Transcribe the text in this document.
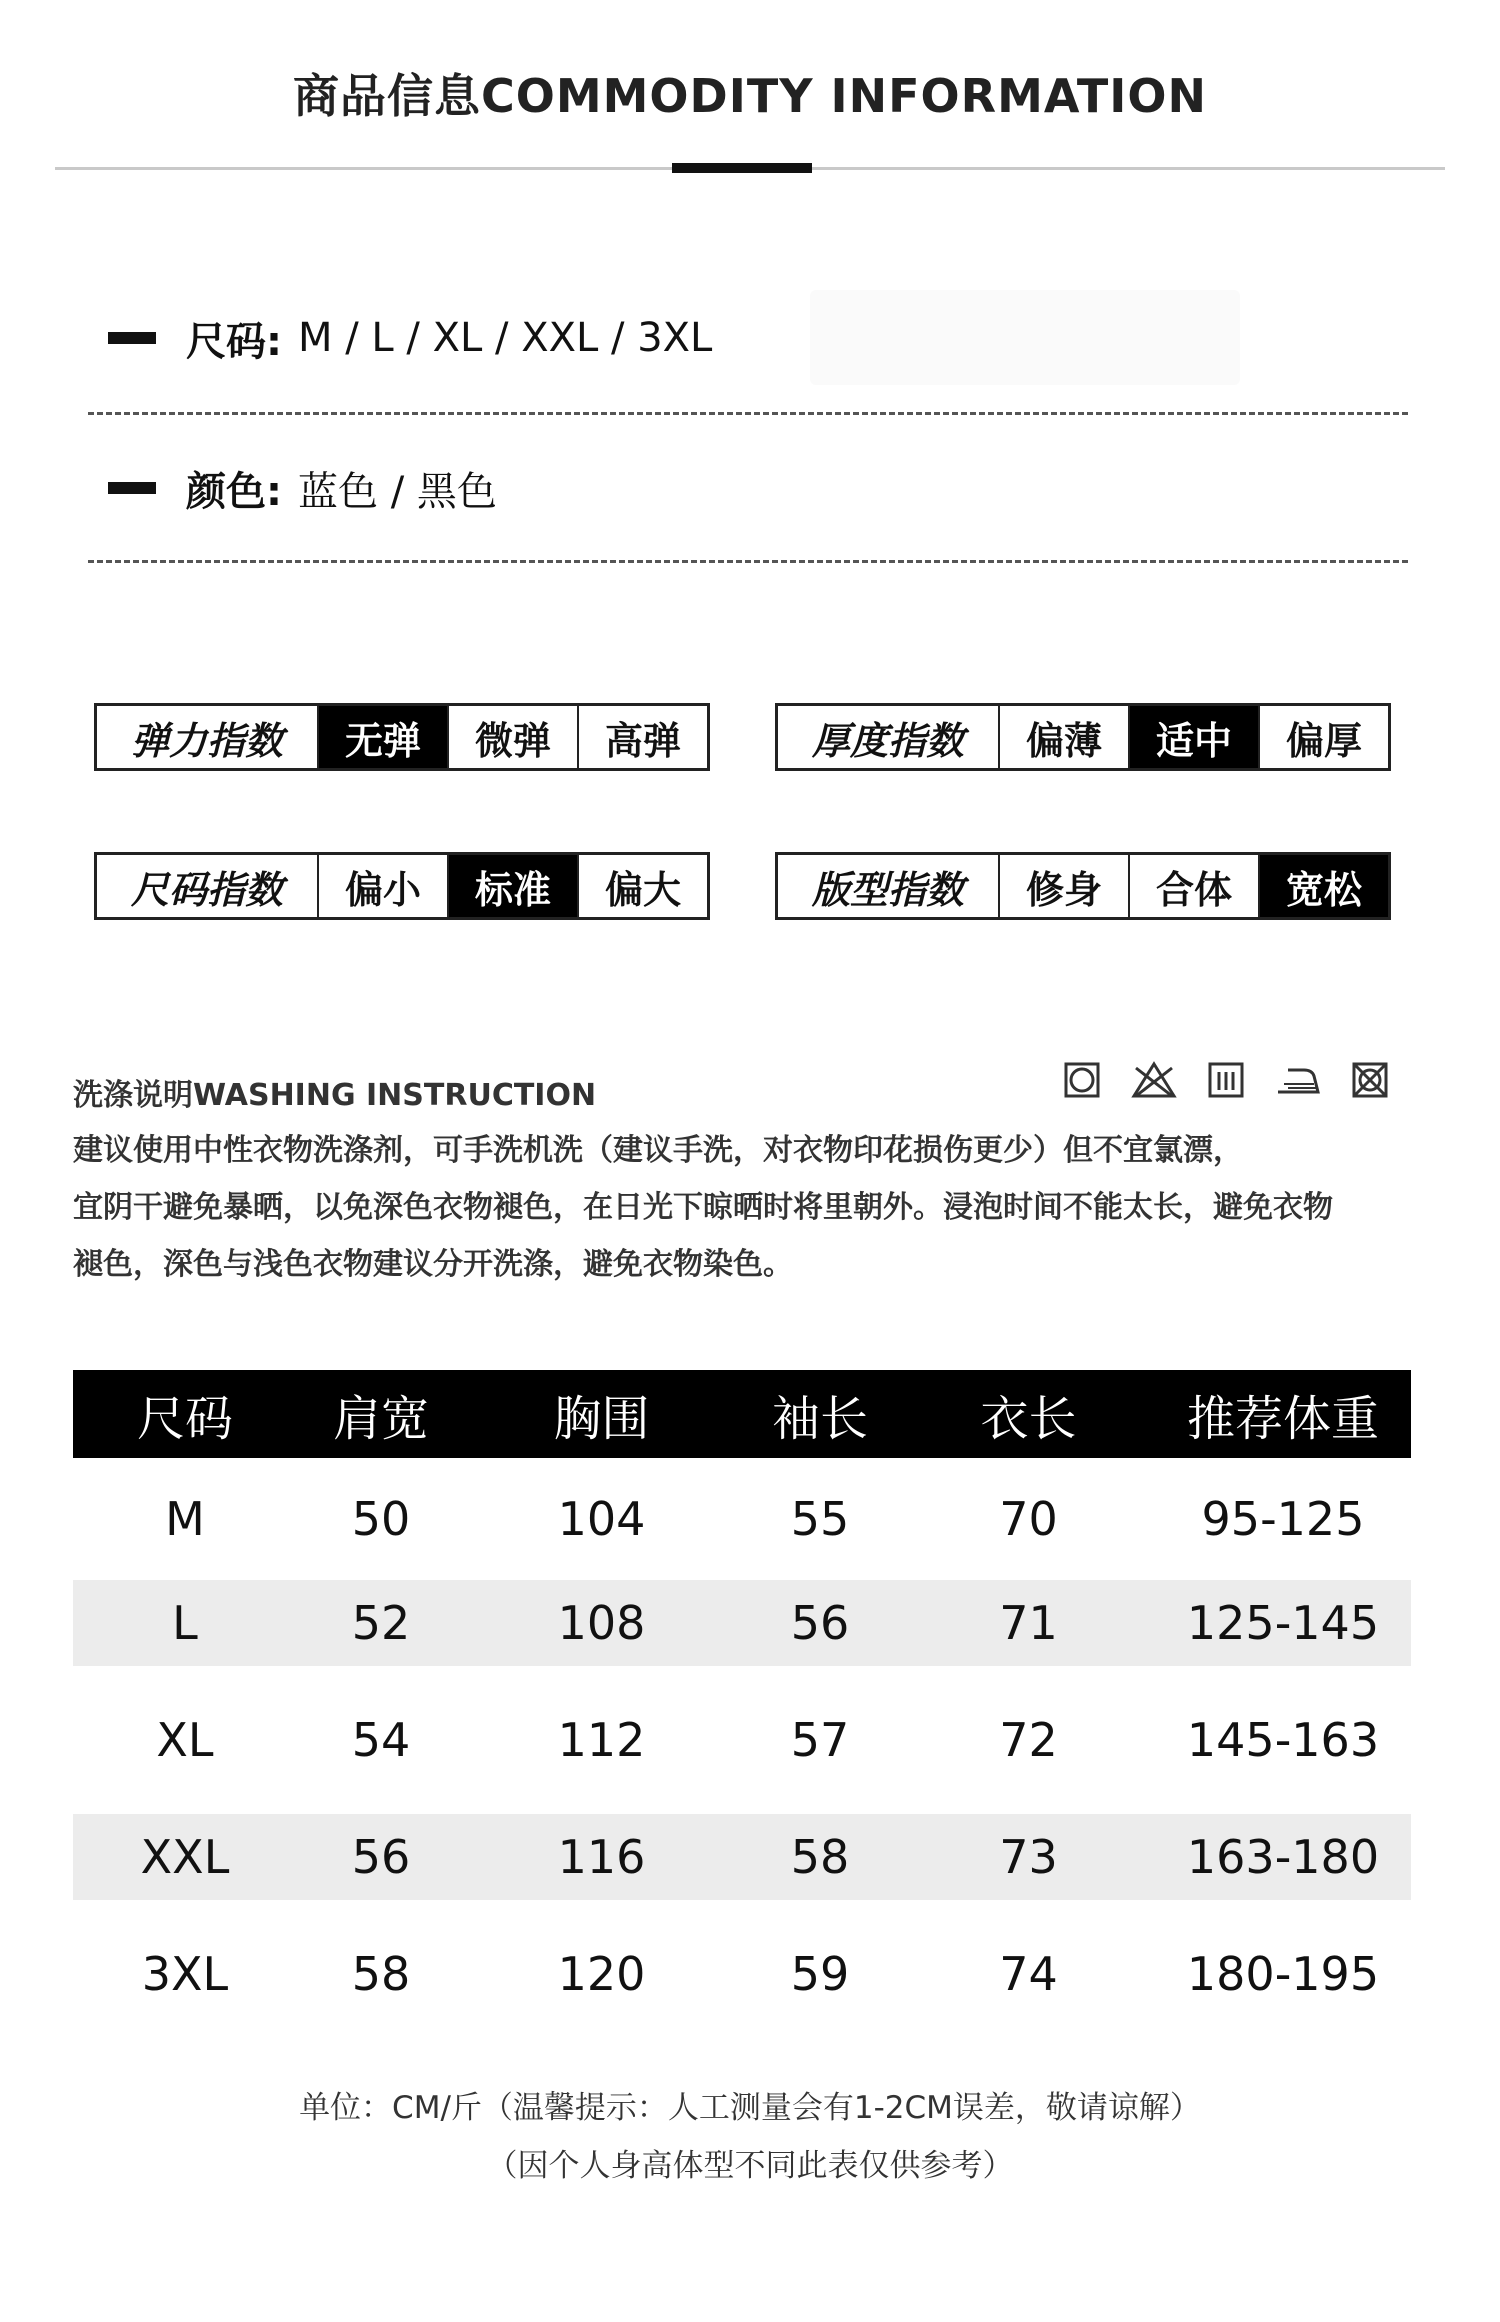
商品信息COMMODITY INFORMATION
尺码: M / L / XL / XXL / 3XL
颜色: 蓝色 / 黑色
弹力指数	无弹	微弹	高弹	厚度指数	偏薄	适中	偏厚
尺码指数	偏小	标准	偏大	版型指数	修身	合体	宽松
洗涤说明WASHING INSTRUCTION
建议使用中性衣物洗涤剂，可手洗机洗（建议手洗，对衣物印花损伤更少）但不宜氯漂，
宜阴干避免暴晒，以免深色衣物褪色，在日光下晾晒时将里朝外。浸泡时间不能太长，避免衣物
褪色，深色与浅色衣物建议分开洗涤，避免衣物染色。
尺码	肩宽	胸围	袖长	衣长	推荐体重
M	50	104	55	70	95-125
L	52	108	56	71	125-145
XL	54	112	57	72	145-163
XXL	56	116	58	73	163-180
3XL	58	120	59	74	180-195
单位：CM/斤（温馨提示：人工测量会有1-2CM误差，敬请谅解）
（因个人身高体型不同此表仅供参考）
